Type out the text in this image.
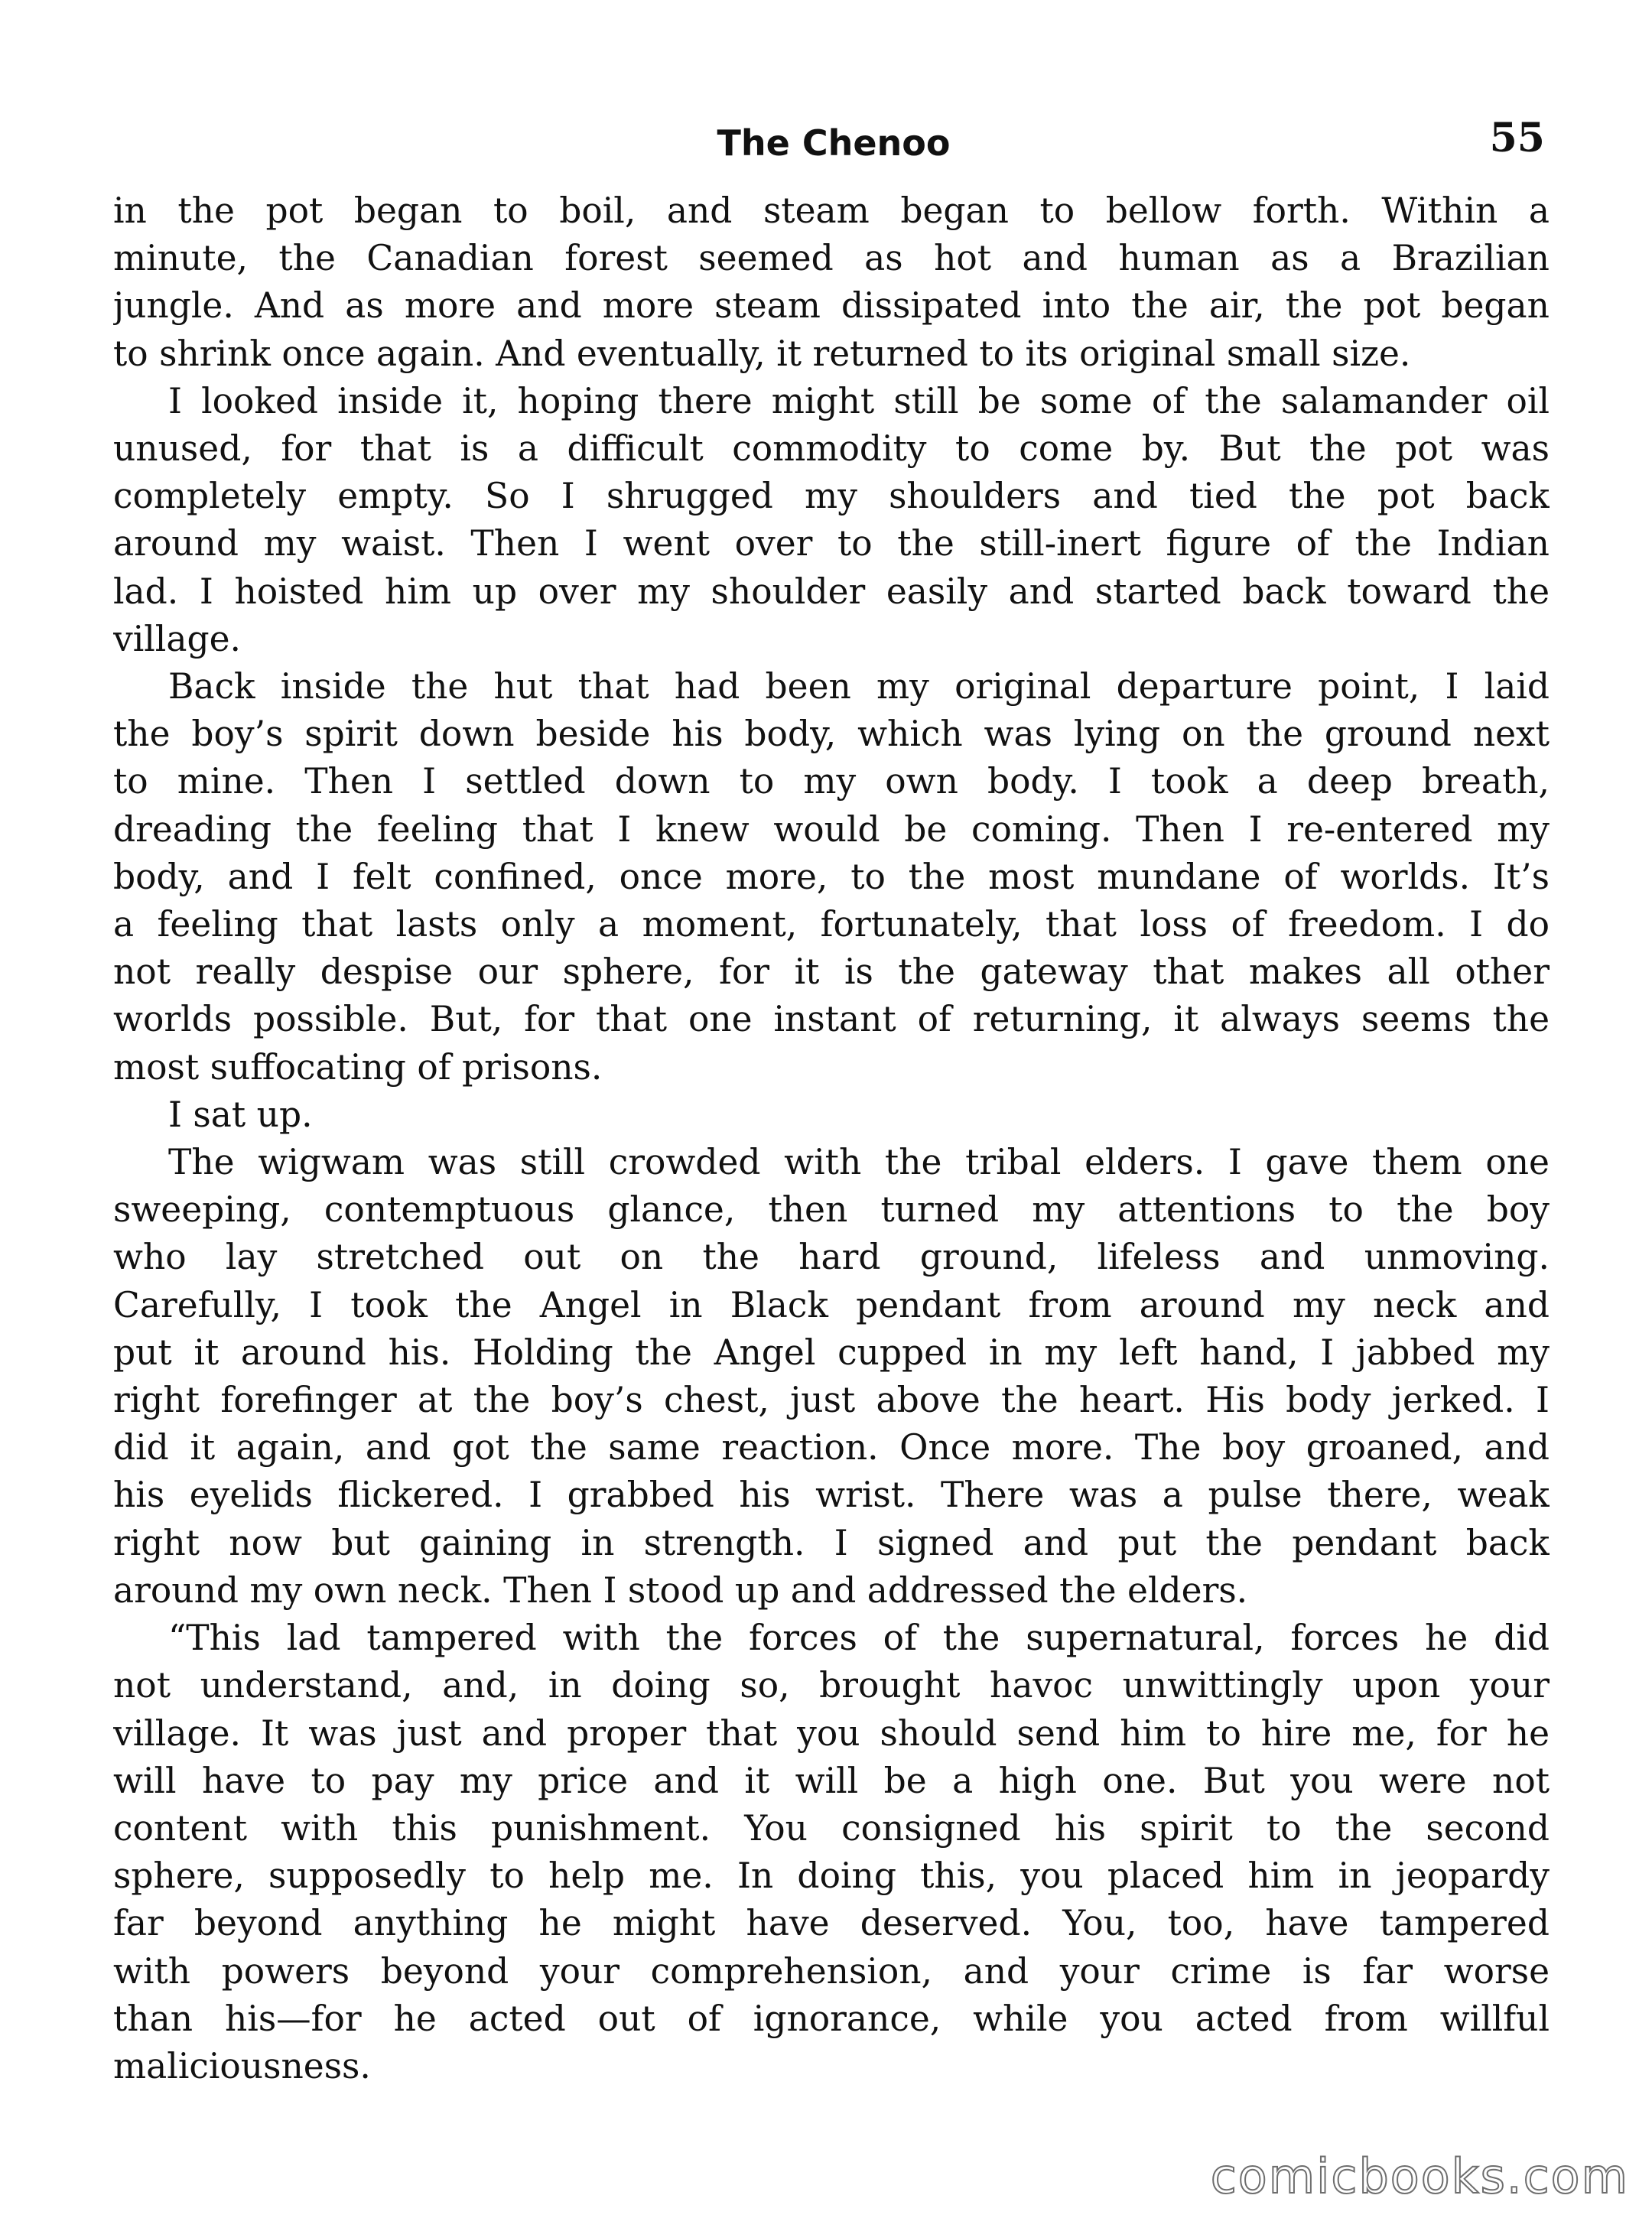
The Chenoo	55
in the pot began to boil, and steam began to bellow forth. Within a
minute, the Canadian forest seemed as hot and human as a Brazilian
jungle. And as more and more steam dissipated into the air, the pot began
to shrink once again. And eventually, it returned to its original small size.
I looked inside it, hoping there might still be some of the salamander oil
unused, for that is a difficult commodity to come by. But the pot was
completely empty. So I shrugged my shoulders and tied the pot back
around my waist. Then I went over to the still-inert figure of the Indian
lad. I hoisted him up over my shoulder easily and started back toward the
village.
Back inside the hut that had been my original departure point, I laid
the boy’s spirit down beside his body, which was lying on the ground next
to mine. Then I settled down to my own body. I took a deep breath,
dreading the feeling that I knew would be coming. Then I re-entered my
body, and I felt confined, once more, to the most mundane of worlds. It’s
a feeling that lasts only a moment, fortunately, that loss of freedom. I do
not really despise our sphere, for it is the gateway that makes all other
worlds possible. But, for that one instant of returning, it always seems the
most suffocating of prisons.
I sat up.
The wigwam was still crowded with the tribal elders. I gave them one
sweeping, contemptuous glance, then turned my attentions to the boy
who lay stretched out on the hard ground, lifeless and unmoving.
Carefully, I took the Angel in Black pendant from around my neck and
put it around his. Holding the Angel cupped in my left hand, I jabbed my
right forefinger at the boy’s chest, just above the heart. His body jerked. I
did it again, and got the same reaction. Once more. The boy groaned, and
his eyelids flickered. I grabbed his wrist. There was a pulse there, weak
right now but gaining in strength. I signed and put the pendant back
around my own neck. Then I stood up and addressed the elders.
“This lad tampered with the forces of the supernatural, forces he did
not understand, and, in doing so, brought havoc unwittingly upon your
village. It was just and proper that you should send him to hire me, for he
will have to pay my price and it will be a high one. But you were not
content with this punishment. You consigned his spirit to the second
sphere, supposedly to help me. In doing this, you placed him in jeopardy
far beyond anything he might have deserved. You, too, have tampered
with powers beyond your comprehension, and your crime is far worse
than his—for he acted out of ignorance, while you acted from willful
maliciousness.
comicbooks.com
